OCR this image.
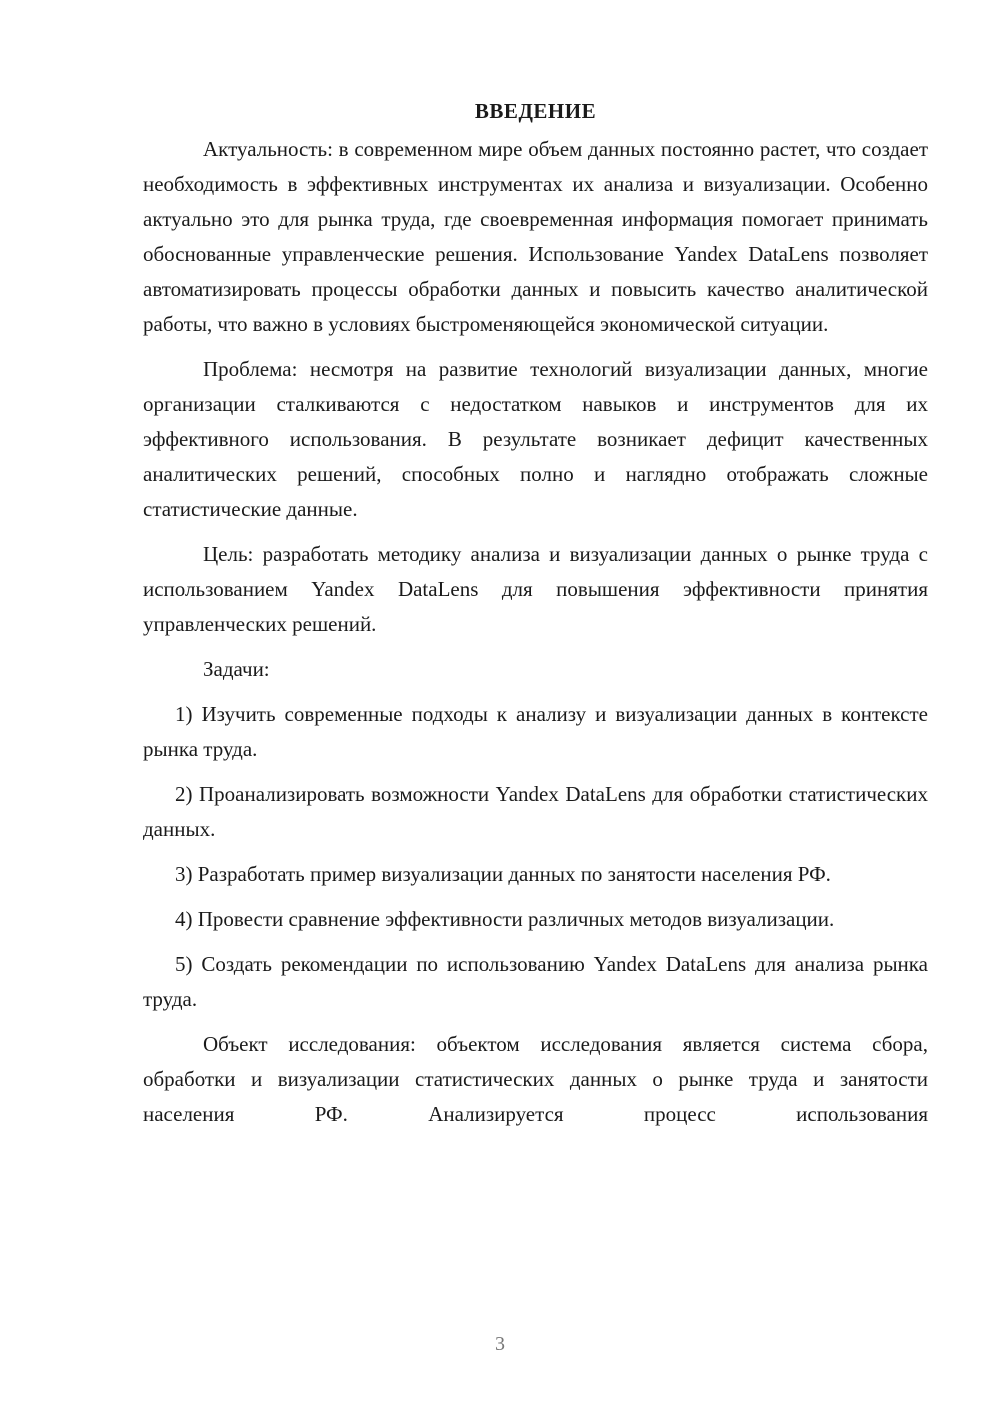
ВВЕДЕНИЕ

Актуальность: в современном мире объем данных постоянно растет, что создает необходимость в эффективных инструментах их анализа и визуализации. Особенно актуально это для рынка труда, где своевременная информация помогает принимать обоснованные управленческие решения. Использование Yandex DataLens позволяет автоматизировать процессы обработки данных и повысить качество аналитической работы, что важно в условиях быстроменяющейся экономической ситуации.

Проблема: несмотря на развитие технологий визуализации данных, многие организации сталкиваются с недостатком навыков и инструментов для их эффективного использования. В результате возникает дефицит качественных аналитических решений, способных полно и наглядно отображать сложные статистические данные.

Цель: разработать методику анализа и визуализации данных о рынке труда с использованием Yandex DataLens для повышения эффективности принятия управленческих решений.

Задачи:

1) Изучить современные подходы к анализу и визуализации данных в контексте рынка труда.

2) Проанализировать возможности Yandex DataLens для обработки статистических данных.

3) Разработать пример визуализации данных по занятости населения РФ.

4) Провести сравнение эффективности различных методов визуализации.

5) Создать рекомендации по использованию Yandex DataLens для анализа рынка труда.

Объект исследования: объектом исследования является система сбора, обработки и визуализации статистических данных о рынке труда и занятости населения РФ. Анализируется процесс использования

3
